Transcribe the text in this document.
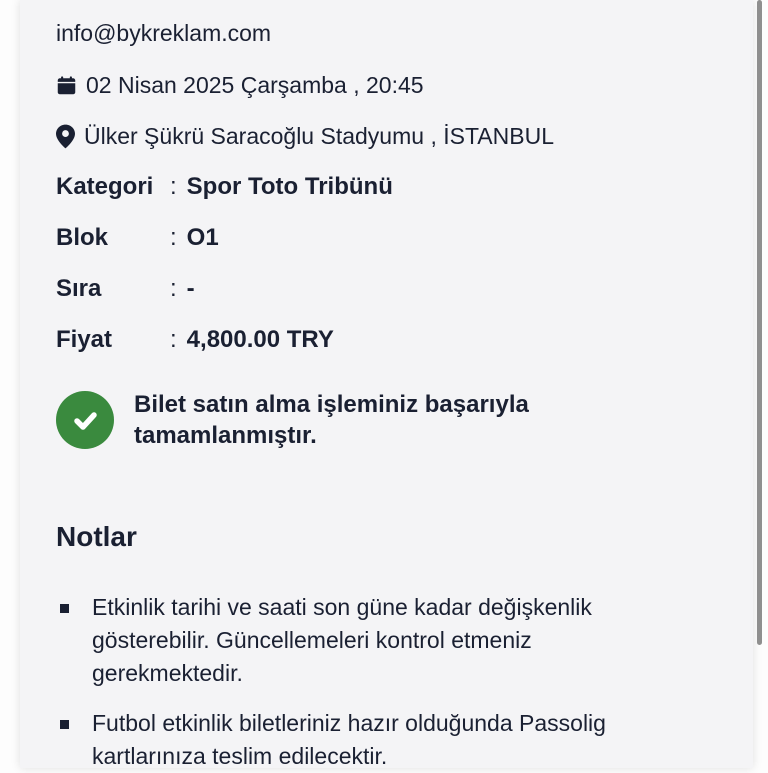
info@bykreklam.com
02 Nisan 2025 Çarşamba , 20:45
Ülker Şükrü Saracoğlu Stadyumu , İSTANBUL
Kategori : Spor Toto Tribünü
Blok	: O1
Sıra	: -
Fiyat	: 4,800.00 TRY
Bilet satın alma işleminiz başarıyla tamamlanmıştır.
Notlar
Etkinlik tarihi ve saati son güne kadar değişkenlik gösterebilir. Güncellemeleri kontrol etmeniz gerekmektedir.
Futbol etkinlik biletleriniz hazır olduğunda Passolig kartlarınıza teslim edilecektir.
